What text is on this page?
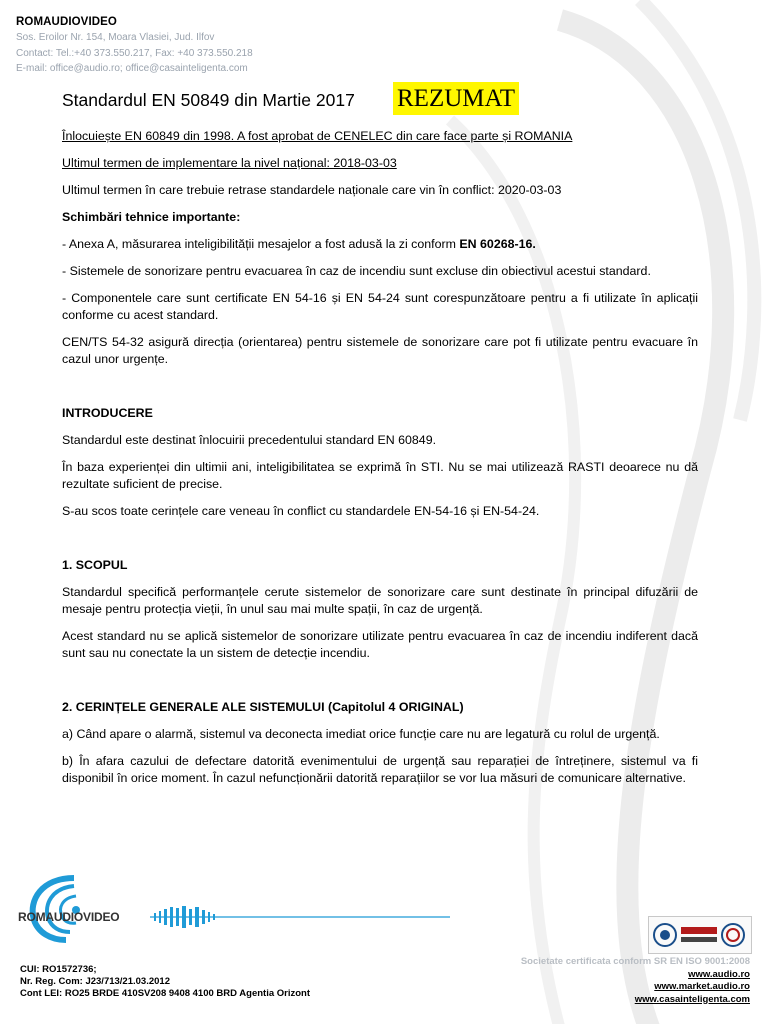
ROMAUDIOVIDEO
Sos. Eroilor Nr. 154, Moara Vlasiei, Jud. Ilfov
Contact: Tel.:+40 373.550.217, Fax: +40 373.550.218
E-mail: office@audio.ro; office@casainteligenta.com
Standardul EN 50849 din Martie 2017 REZUMAT

Înlocuiește EN 60849 din 1998. A fost aprobat de CENELEC din care face parte și ROMANIA

Ultimul termen de implementare la nivel național: 2018-03-03

Ultimul termen în care trebuie retrase standardele naționale care vin în conflict: 2020-03-03

Schimbări tehnice importante:

- Anexa A, măsurarea inteligibilității mesajelor a fost adusă la zi conform EN 60268-16.

- Sistemele de sonorizare pentru evacuarea în caz de incendiu sunt excluse din obiectivul acestui standard.

- Componentele care sunt certificate EN 54-16 și EN 54-24 sunt corespunzătoare pentru a fi utilizate în aplicații conforme cu acest standard.

CEN/TS 54-32 asigură direcția (orientarea) pentru sistemele de sonorizare care pot fi utilizate pentru evacuare în cazul unor urgențe.

INTRODUCERE

Standardul este destinat înlocuirii precedentului standard EN 60849.

În baza experienței din ultimii ani, inteligibilitatea se exprimă în STI. Nu se mai utilizează RASTI deoarece nu dă rezultate suficient de precise.

S-au scos toate cerințele care veneau în conflict cu standardele EN-54-16 și EN-54-24.

1. SCOPUL

Standardul specifică performanțele cerute sistemelor de sonorizare care sunt destinate în principal difuzării de mesaje pentru protecția vieții, în unul sau mai multe spații, în caz de urgență.

Acest standard nu se aplică sistemelor de sonorizare utilizate pentru evacuarea în caz de incendiu indiferent dacă sunt sau nu conectate la un sistem de detecție incendiu.

2. CERINȚELE GENERALE ALE SISTEMULUI (Capitolul 4 ORIGINAL)

a) Când apare o alarmă, sistemul va deconecta imediat orice funcție care nu are legatură cu rolul de urgență.

b) În afara cazului de defectare datorită evenimentului de urgență sau reparației de întreținere, sistemul va fi disponibil în orice moment. În cazul nefuncționării datorită reparațiilor se vor lua măsuri de comunicare alternative.

ROMAUDIOVIDEO
CUI: RO1572736;
Nr. Reg. Com: J23/713/21.03.2012
Cont LEI: RO25 BRDE 410SV208 9408 4100 BRD Agentia Orizont
Societate certificata conform SR EN ISO 9001:2008
www.audio.ro
www.market.audio.ro
www.casainteligenta.com
